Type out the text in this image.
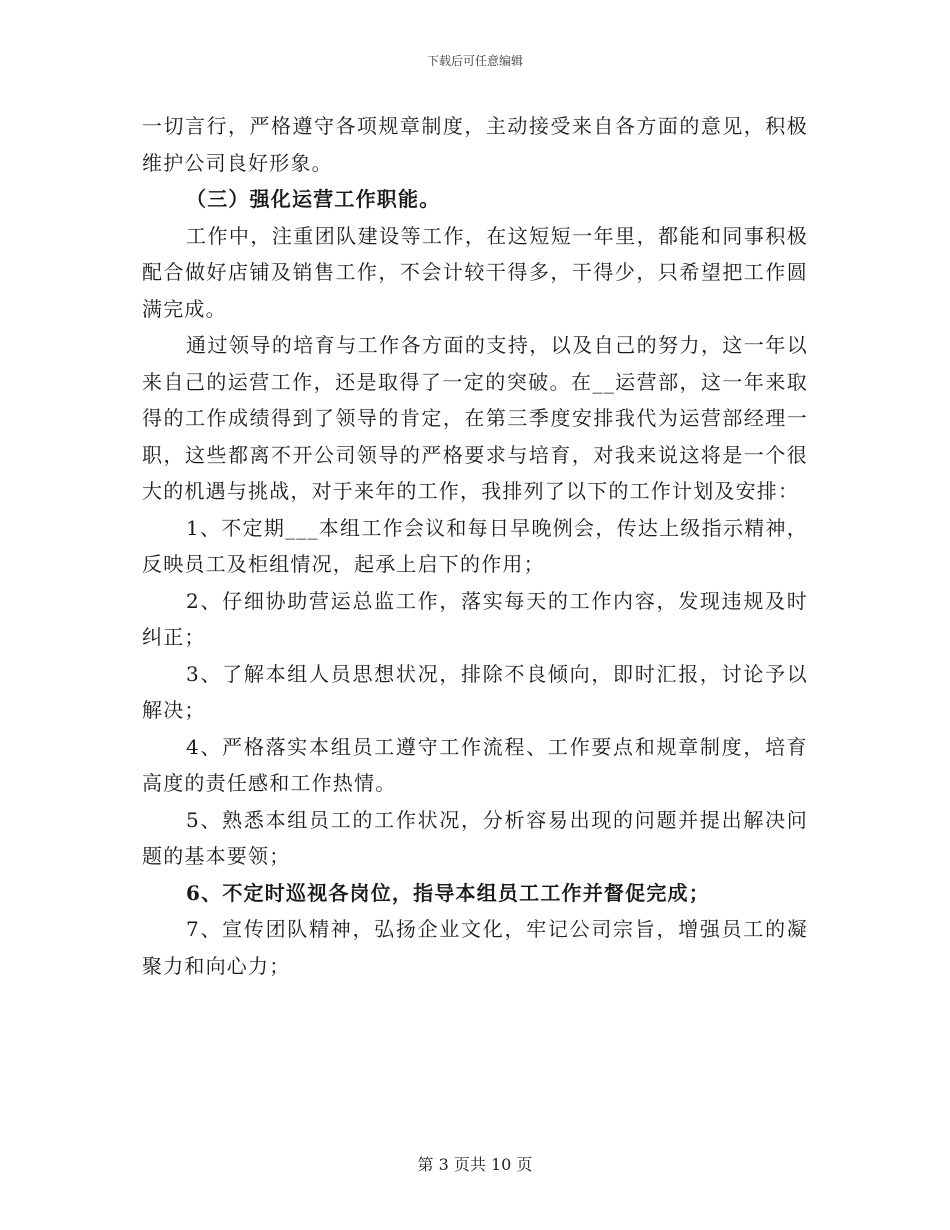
下载后可任意编辑

一切言行，严格遵守各项规章制度，主动接受来自各方面的意见，积极维护公司良好形象。

（三）强化运营工作职能。

工作中，注重团队建设等工作，在这短短一年里，都能和同事积极配合做好店铺及销售工作，不会计较干得多，干得少，只希望把工作圆满完成。

通过领导的培育与工作各方面的支持，以及自己的努力，这一年以来自己的运营工作，还是取得了一定的突破。在__运营部，这一年来取得的工作成绩得到了领导的肯定，在第三季度安排我代为运营部经理一职，这些都离不开公司领导的严格要求与培育，对我来说这将是一个很大的机遇与挑战，对于来年的工作，我排列了以下的工作计划及安排：

1、不定期___本组工作会议和每日早晚例会，传达上级指示精神，反映员工及柜组情况，起承上启下的作用；

2、仔细协助营运总监工作，落实每天的工作内容，发现违规及时纠正；

3、了解本组人员思想状况，排除不良倾向，即时汇报，讨论予以解决；

4、严格落实本组员工遵守工作流程、工作要点和规章制度，培育高度的责任感和工作热情。

5、熟悉本组员工的工作状况，分析容易出现的问题并提出解决问题的基本要领；

6、不定时巡视各岗位，指导本组员工工作并督促完成；

7、宣传团队精神，弘扬企业文化，牢记公司宗旨，增强员工的凝聚力和向心力；

第 3 页共 10 页
